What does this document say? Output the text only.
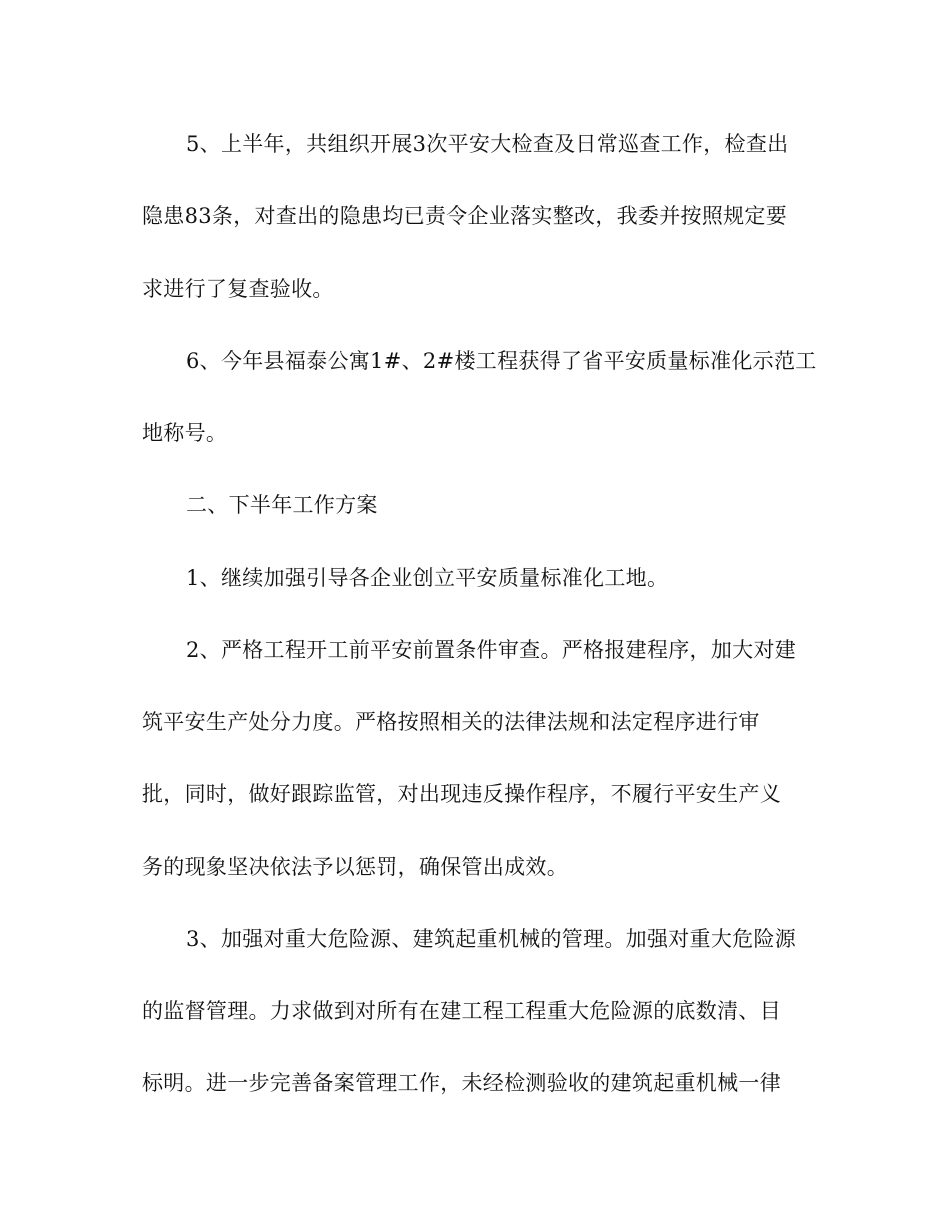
5、上半年，共组织开展3次平安大检查及日常巡查工作，检查出
隐患83条，对查出的隐患均已责令企业落实整改，我委并按照规定要
求进行了复查验收。
6、今年县福泰公寓1#、2#楼工程获得了省平安质量标准化示范工
地称号。
二、下半年工作方案
1、继续加强引导各企业创立平安质量标准化工地。
2、严格工程开工前平安前置条件审查。严格报建程序，加大对建
筑平安生产处分力度。严格按照相关的法律法规和法定程序进行审
批，同时，做好跟踪监管，对出现违反操作程序，不履行平安生产义
务的现象坚决依法予以惩罚，确保管出成效。
3、加强对重大危险源、建筑起重机械的管理。加强对重大危险源
的监督管理。力求做到对所有在建工程工程重大危险源的底数清、目
标明。进一步完善备案管理工作，未经检测验收的建筑起重机械一律
